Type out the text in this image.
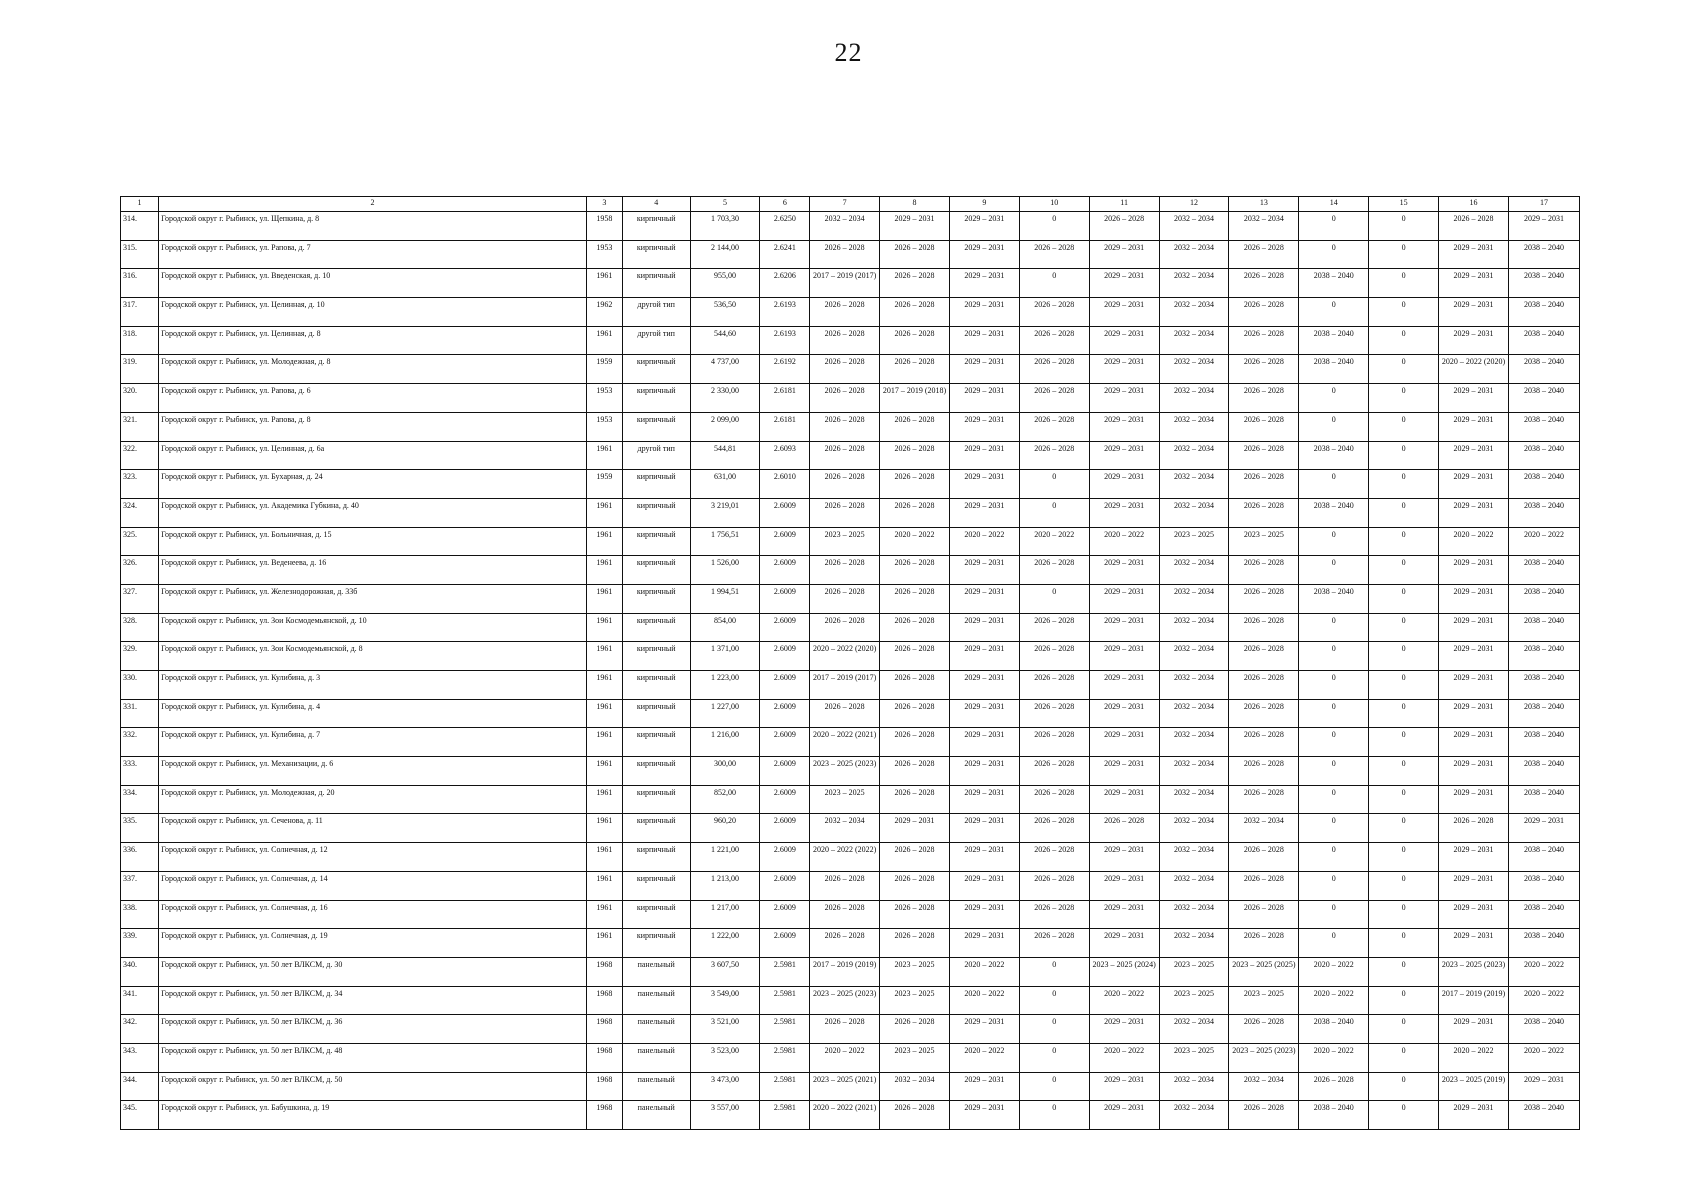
22
1	2	3	4	5	6	7	8	9	10	11	12	13	14	15	16	17
314.	Городской округ г. Рыбинск, ул. Щепкина, д. 8	1958	кирпичный	1 703,30	2.6250	2032 – 2034	2029 – 2031	2029 – 2031	0	2026 – 2028	2032 – 2034	2032 – 2034	0	0	2026 – 2028	2029 – 2031
315.	Городской округ г. Рыбинск, ул. Рапова, д. 7	1953	кирпичный	2 144,00	2.6241	2026 – 2028	2026 – 2028	2029 – 2031	2026 – 2028	2029 – 2031	2032 – 2034	2026 – 2028	0	0	2029 – 2031	2038 – 2040
316.	Городской округ г. Рыбинск, ул. Введенская, д. 10	1961	кирпичный	955,00	2.6206	2017 – 2019 (2017)	2026 – 2028	2029 – 2031	0	2029 – 2031	2032 – 2034	2026 – 2028	2038 – 2040	0	2029 – 2031	2038 – 2040
317.	Городской округ г. Рыбинск, ул. Целинная, д. 10	1962	другой тип	536,50	2.6193	2026 – 2028	2026 – 2028	2029 – 2031	2026 – 2028	2029 – 2031	2032 – 2034	2026 – 2028	0	0	2029 – 2031	2038 – 2040
318.	Городской округ г. Рыбинск, ул. Целинная, д. 8	1961	другой тип	544,60	2.6193	2026 – 2028	2026 – 2028	2029 – 2031	2026 – 2028	2029 – 2031	2032 – 2034	2026 – 2028	2038 – 2040	0	2029 – 2031	2038 – 2040
319.	Городской округ г. Рыбинск, ул. Молодежная, д. 8	1959	кирпичный	4 737,00	2.6192	2026 – 2028	2026 – 2028	2029 – 2031	2026 – 2028	2029 – 2031	2032 – 2034	2026 – 2028	2038 – 2040	0	2020 – 2022 (2020)	2038 – 2040
320.	Городской округ г. Рыбинск, ул. Рапова, д. 6	1953	кирпичный	2 330,00	2.6181	2026 – 2028	2017 – 2019 (2018)	2029 – 2031	2026 – 2028	2029 – 2031	2032 – 2034	2026 – 2028	0	0	2029 – 2031	2038 – 2040
321.	Городской округ г. Рыбинск, ул. Рапова, д. 8	1953	кирпичный	2 099,00	2.6181	2026 – 2028	2026 – 2028	2029 – 2031	2026 – 2028	2029 – 2031	2032 – 2034	2026 – 2028	0	0	2029 – 2031	2038 – 2040
322.	Городской округ г. Рыбинск, ул. Целинная, д. 6а	1961	другой тип	544,81	2.6093	2026 – 2028	2026 – 2028	2029 – 2031	2026 – 2028	2029 – 2031	2032 – 2034	2026 – 2028	2038 – 2040	0	2029 – 2031	2038 – 2040
323.	Городской округ г. Рыбинск, ул. Бухарная, д. 24	1959	кирпичный	631,00	2.6010	2026 – 2028	2026 – 2028	2029 – 2031	0	2029 – 2031	2032 – 2034	2026 – 2028	0	0	2029 – 2031	2038 – 2040
324.	Городской округ г. Рыбинск, ул. Академика Губкина, д. 40	1961	кирпичный	3 219,01	2.6009	2026 – 2028	2026 – 2028	2029 – 2031	0	2029 – 2031	2032 – 2034	2026 – 2028	2038 – 2040	0	2029 – 2031	2038 – 2040
325.	Городской округ г. Рыбинск, ул. Больничная, д. 15	1961	кирпичный	1 756,51	2.6009	2023 – 2025	2020 – 2022	2020 – 2022	2020 – 2022	2020 – 2022	2023 – 2025	2023 – 2025	0	0	2020 – 2022	2020 – 2022
326.	Городской округ г. Рыбинск, ул. Веденеева, д. 16	1961	кирпичный	1 526,00	2.6009	2026 – 2028	2026 – 2028	2029 – 2031	2026 – 2028	2029 – 2031	2032 – 2034	2026 – 2028	0	0	2029 – 2031	2038 – 2040
327.	Городской округ г. Рыбинск, ул. Железнодорожная, д. 33б	1961	кирпичный	1 994,51	2.6009	2026 – 2028	2026 – 2028	2029 – 2031	0	2029 – 2031	2032 – 2034	2026 – 2028	2038 – 2040	0	2029 – 2031	2038 – 2040
328.	Городской округ г. Рыбинск, ул. Зои Космодемьянской, д. 10	1961	кирпичный	854,00	2.6009	2026 – 2028	2026 – 2028	2029 – 2031	2026 – 2028	2029 – 2031	2032 – 2034	2026 – 2028	0	0	2029 – 2031	2038 – 2040
329.	Городской округ г. Рыбинск, ул. Зои Космодемьянской, д. 8	1961	кирпичный	1 371,00	2.6009	2020 – 2022 (2020)	2026 – 2028	2029 – 2031	2026 – 2028	2029 – 2031	2032 – 2034	2026 – 2028	0	0	2029 – 2031	2038 – 2040
330.	Городской округ г. Рыбинск, ул. Кулибина, д. 3	1961	кирпичный	1 223,00	2.6009	2017 – 2019 (2017)	2026 – 2028	2029 – 2031	2026 – 2028	2029 – 2031	2032 – 2034	2026 – 2028	0	0	2029 – 2031	2038 – 2040
331.	Городской округ г. Рыбинск, ул. Кулибина, д. 4	1961	кирпичный	1 227,00	2.6009	2026 – 2028	2026 – 2028	2029 – 2031	2026 – 2028	2029 – 2031	2032 – 2034	2026 – 2028	0	0	2029 – 2031	2038 – 2040
332.	Городской округ г. Рыбинск, ул. Кулибина, д. 7	1961	кирпичный	1 216,00	2.6009	2020 – 2022 (2021)	2026 – 2028	2029 – 2031	2026 – 2028	2029 – 2031	2032 – 2034	2026 – 2028	0	0	2029 – 2031	2038 – 2040
333.	Городской округ г. Рыбинск, ул. Механизации, д. 6	1961	кирпичный	300,00	2.6009	2023 – 2025 (2023)	2026 – 2028	2029 – 2031	2026 – 2028	2029 – 2031	2032 – 2034	2026 – 2028	0	0	2029 – 2031	2038 – 2040
334.	Городской округ г. Рыбинск, ул. Молодежная, д. 20	1961	кирпичный	852,00	2.6009	2023 – 2025	2026 – 2028	2029 – 2031	2026 – 2028	2029 – 2031	2032 – 2034	2026 – 2028	0	0	2029 – 2031	2038 – 2040
335.	Городской округ г. Рыбинск, ул. Сеченова, д. 11	1961	кирпичный	960,20	2.6009	2032 – 2034	2029 – 2031	2029 – 2031	2026 – 2028	2026 – 2028	2032 – 2034	2032 – 2034	0	0	2026 – 2028	2029 – 2031
336.	Городской округ г. Рыбинск, ул. Солнечная, д. 12	1961	кирпичный	1 221,00	2.6009	2020 – 2022 (2022)	2026 – 2028	2029 – 2031	2026 – 2028	2029 – 2031	2032 – 2034	2026 – 2028	0	0	2029 – 2031	2038 – 2040
337.	Городской округ г. Рыбинск, ул. Солнечная, д. 14	1961	кирпичный	1 213,00	2.6009	2026 – 2028	2026 – 2028	2029 – 2031	2026 – 2028	2029 – 2031	2032 – 2034	2026 – 2028	0	0	2029 – 2031	2038 – 2040
338.	Городской округ г. Рыбинск, ул. Солнечная, д. 16	1961	кирпичный	1 217,00	2.6009	2026 – 2028	2026 – 2028	2029 – 2031	2026 – 2028	2029 – 2031	2032 – 2034	2026 – 2028	0	0	2029 – 2031	2038 – 2040
339.	Городской округ г. Рыбинск, ул. Солнечная, д. 19	1961	кирпичный	1 222,00	2.6009	2026 – 2028	2026 – 2028	2029 – 2031	2026 – 2028	2029 – 2031	2032 – 2034	2026 – 2028	0	0	2029 – 2031	2038 – 2040
340.	Городской округ г. Рыбинск, ул. 50 лет ВЛКСМ, д. 30	1968	панельный	3 607,50	2.5981	2017 – 2019 (2019)	2023 – 2025	2020 – 2022	0	2023 – 2025 (2024)	2023 – 2025	2023 – 2025 (2025)	2020 – 2022	0	2023 – 2025 (2023)	2020 – 2022
341.	Городской округ г. Рыбинск, ул. 50 лет ВЛКСМ, д. 34	1968	панельный	3 549,00	2.5981	2023 – 2025 (2023)	2023 – 2025	2020 – 2022	0	2020 – 2022	2023 – 2025	2023 – 2025	2020 – 2022	0	2017 – 2019 (2019)	2020 – 2022
342.	Городской округ г. Рыбинск, ул. 50 лет ВЛКСМ, д. 36	1968	панельный	3 521,00	2.5981	2026 – 2028	2026 – 2028	2029 – 2031	0	2029 – 2031	2032 – 2034	2026 – 2028	2038 – 2040	0	2029 – 2031	2038 – 2040
343.	Городской округ г. Рыбинск, ул. 50 лет ВЛКСМ, д. 48	1968	панельный	3 523,00	2.5981	2020 – 2022	2023 – 2025	2020 – 2022	0	2020 – 2022	2023 – 2025	2023 – 2025 (2023)	2020 – 2022	0	2020 – 2022	2020 – 2022
344.	Городской округ г. Рыбинск, ул. 50 лет ВЛКСМ, д. 50	1968	панельный	3 473,00	2.5981	2023 – 2025 (2021)	2032 – 2034	2029 – 2031	0	2029 – 2031	2032 – 2034	2032 – 2034	2026 – 2028	0	2023 – 2025 (2019)	2029 – 2031
345.	Городской округ г. Рыбинск, ул. Бабушкина, д. 19	1968	панельный	3 557,00	2.5981	2020 – 2022 (2021)	2026 – 2028	2029 – 2031	0	2029 – 2031	2032 – 2034	2026 – 2028	2038 – 2040	0	2029 – 2031	2038 – 2040
